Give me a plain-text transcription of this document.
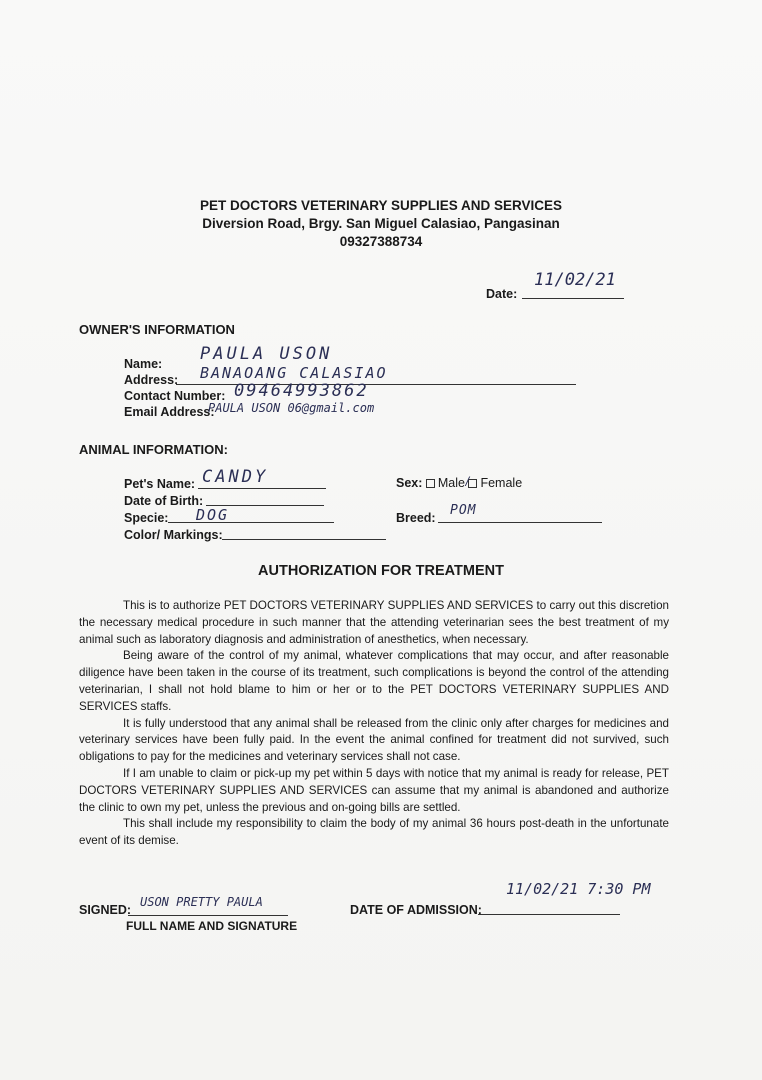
PET DOCTORS VETERINARY SUPPLIES AND SERVICES
Diversion Road, Brgy. San Miguel Calasiao, Pangasinan
09327388734
Date:
11/02/21
OWNER'S INFORMATION
Name: PAULA USON
Address: BANAOANG CALASIAO
Contact Number: 09464993862
Email Address:
PAULA USON 06@gmail.com
ANIMAL INFORMATION:
Pet's Name: CANDY
Date of Birth:
Specie: DOG
Color/ Markings:
Sex: Male / Female
Breed: POM
AUTHORIZATION FOR TREATMENT

This is to authorize PET DOCTORS VETERINARY SUPPLIES AND SERVICES to carry out this discretion the necessary medical procedure in such manner that the attending veterinarian sees the best treatment of my animal such as laboratory diagnosis and administration of anesthetics, when necessary.

Being aware of the control of my animal, whatever complications that may occur, and after reasonable diligence have been taken in the course of its treatment, such complications is beyond the control of the attending veterinarian, I shall not hold blame to him or her or to the PET DOCTORS VETERINARY SUPPLIES AND SERVICES staffs.

It is fully understood that any animal shall be released from the clinic only after charges for medicines and veterinary services have been fully paid. In the event the animal confined for treatment did not survived, such obligations to pay for the medicines and veterinary services shall not case.

If I am unable to claim or pick-up my pet within 5 days with notice that my animal is ready for release, PET DOCTORS VETERINARY SUPPLIES AND SERVICES can assume that my animal is abandoned and authorize the clinic to own my pet, unless the previous and on-going bills are settled.

This shall include my responsibility to claim the body of my animal 36 hours post-death in the unfortunate event of its demise.

SIGNED:
USON PRETTY PAULA
FULL NAME AND SIGNATURE
DATE OF ADMISSION:
11/02/21 7:30 PM
